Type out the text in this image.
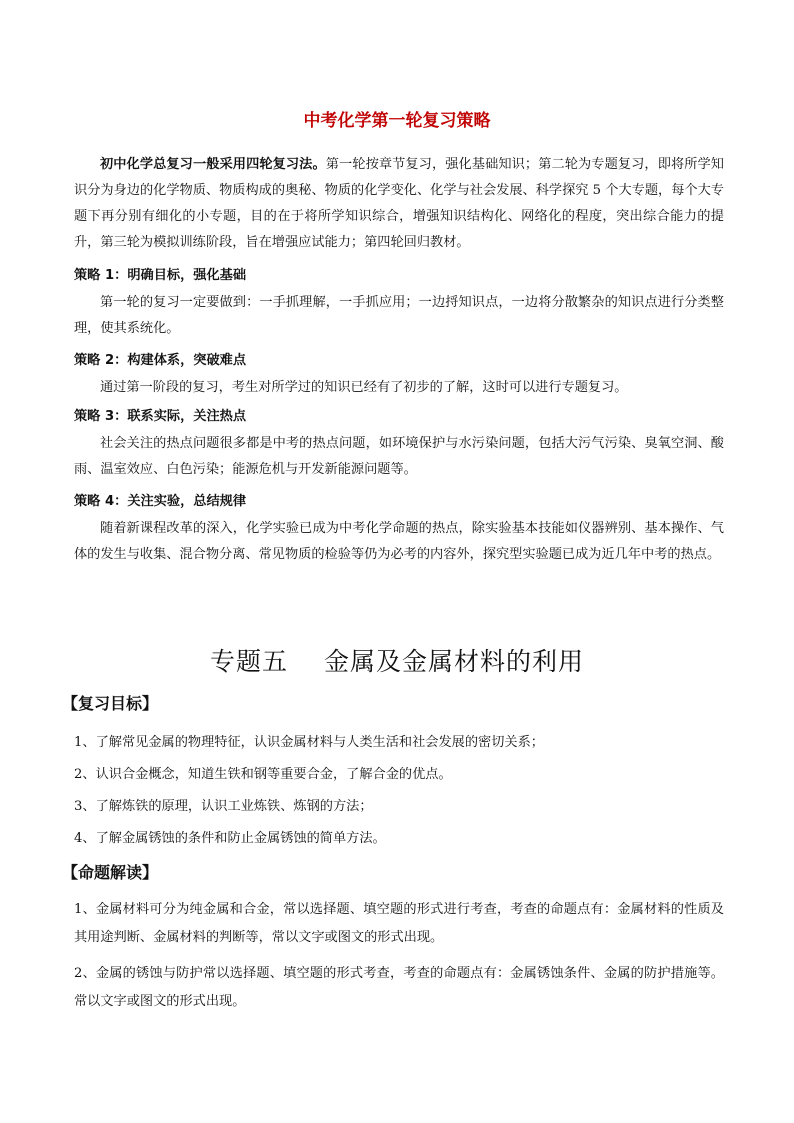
中考化学第一轮复习策略
初中化学总复习一般采用四轮复习法。第一轮按章节复习，强化基础知识；第二轮为专题复习，即将所学知识分为身边的化学物质、物质构成的奥秘、物质的化学变化、化学与社会发展、科学探究 5 个大专题，每个大专题下再分别有细化的小专题，目的在于将所学知识综合，增强知识结构化、网络化的程度，突出综合能力的提升，第三轮为模拟训练阶段，旨在增强应试能力；第四轮回归教材。
策略 1：明确目标，强化基础
第一轮的复习一定要做到：一手抓理解，一手抓应用；一边捋知识点，一边将分散繁杂的知识点进行分类整理，使其系统化。
策略 2：构建体系，突破难点
通过第一阶段的复习，考生对所学过的知识已经有了初步的了解，这时可以进行专题复习。
策略 3：联系实际，关注热点
社会关注的热点问题很多都是中考的热点问题，如环境保护与水污染问题，包括大污气污染、臭氧空洞、酸雨、温室效应、白色污染；能源危机与开发新能源问题等。
策略 4：关注实验，总结规律
随着新课程改革的深入，化学实验已成为中考化学命题的热点，除实验基本技能如仪器辨别、基本操作、气体的发生与收集、混合物分离、常见物质的检验等仍为必考的内容外，探究型实验题已成为近几年中考的热点。
专题五 金属及金属材料的利用
【复习目标】
1、了解常见金属的物理特征，认识金属材料与人类生活和社会发展的密切关系；
2、认识合金概念，知道生铁和钢等重要合金，了解合金的优点。
3、了解炼铁的原理，认识工业炼铁、炼钢的方法；
4、了解金属锈蚀的条件和防止金属锈蚀的简单方法。
【命题解读】
1、金属材料可分为纯金属和合金，常以选择题、填空题的形式进行考查，考查的命题点有：金属材料的性质及其用途判断、金属材料的判断等，常以文字或图文的形式出现。
2、金属的锈蚀与防护常以选择题、填空题的形式考查，考查的命题点有：金属锈蚀条件、金属的防护措施等。常以文字或图文的形式出现。
